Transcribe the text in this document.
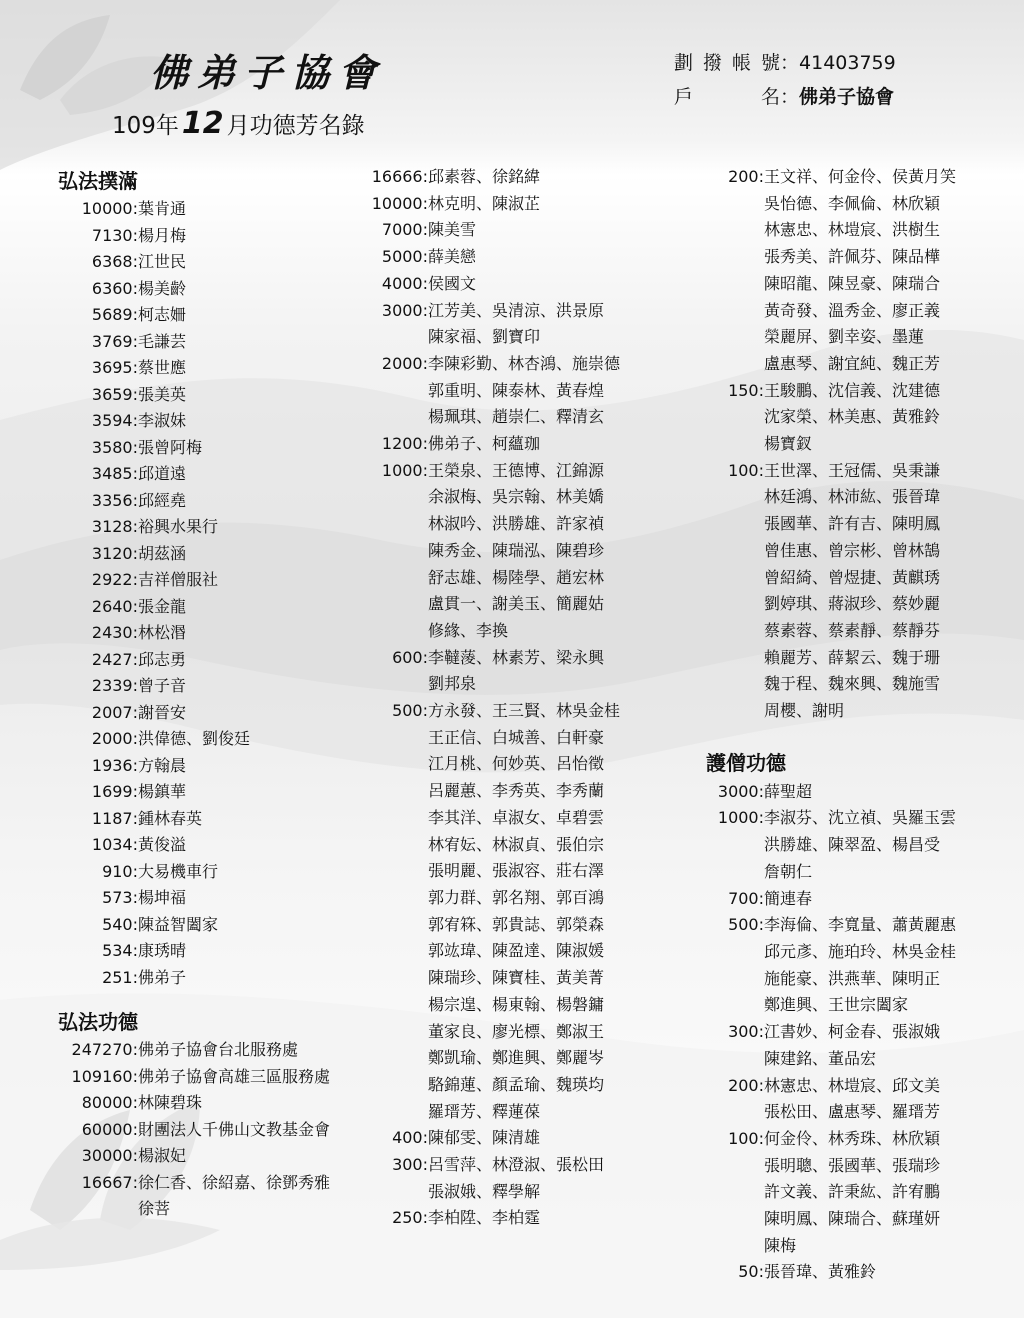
佛弟子協會
109年 12 月功德芳名錄
劃撥帳號：41403759
戶　名：佛弟子協會
弘法撲滿
10000: 葉肯通
7130: 楊月梅
6368: 江世民
6360: 楊美齡
5689: 柯志姍
3769: 毛謙芸
3695: 蔡世應
3659: 張美英
3594: 李淑妹
3580: 張曾阿梅
3485: 邱道遠
3356: 邱經堯
3128: 裕興水果行
3120: 胡茲涵
2922: 吉祥僧服社
2640: 張金龍
2430: 林松湣
2427: 邱志勇
2339: 曾子音
2007: 謝晉安
2000: 洪偉德、劉俊廷
1936: 方翰晨
1699: 楊鎮華
1187: 鍾林春英
1034: 黃俊溢
910: 大易機車行
573: 楊坤福
540: 陳益智闔家
534: 康琇晴
251: 佛弟子
弘法功德
247270: 佛弟子協會台北服務處
109160: 佛弟子協會高雄三區服務處
80000: 林陳碧珠
60000: 財團法人千佛山文教基金會
30000: 楊淑妃
16667: 徐仁香、徐紹嘉、徐鄧秀雅
徐菩
16666: 邱素蓉、徐銘緯
10000: 林克明、陳淑芷
7000: 陳美雪
5000: 薛美戀
4000: 侯國文
3000: 江芳美、吳清涼、洪景原
陳家福、劉寶印
2000: 李陳彩勤、林杏鴻、施崇德
郭重明、陳泰林、黃春煌
楊珮琪、趙崇仁、釋清玄
1200: 佛弟子、柯蘊珈
1000: 王榮泉、王德博、江錦源
余淑梅、吳宗翰、林美嬌
林淑吟、洪勝雄、許家禎
陳秀金、陳瑞泓、陳碧珍
舒志雄、楊陸學、趙宏林
盧貫一、謝美玉、簡麗姑
修緣、李換
600: 李韃蔆、林素芳、梁永興
劉邦泉
500: 方永發、王三賢、林吳金桂
王正信、白城善、白軒豪
江月桃、何妙英、呂怡徵
呂麗蕙、李秀英、李秀蘭
李其洋、卓淑女、卓碧雲
林宥妘、林淑貞、張伯宗
張明麗、張淑容、莊右澤
郭力群、郭名翔、郭百鴻
郭宥箖、郭貴誌、郭榮森
郭竑瑋、陳盈達、陳淑媛
陳瑞珍、陳寶桂、黃美菁
楊宗遑、楊東翰、楊磐鏞
董家良、廖光標、鄭淑王
鄭凱瑜、鄭進興、鄭麗岑
駱錦蓮、顏孟瑜、魏瑛均
羅瑨芳、釋蓮葆
400: 陳郁雯、陳清雄
300: 呂雪萍、林澄淑、張松田
張淑娥、釋學解
250: 李柏陞、李柏霆
200: 王文祥、何金伶、侯黃月笑
吳怡德、李佩倫、林欣穎
林憲忠、林塏宸、洪樹生
張秀美、許佩芬、陳品樺
陳昭龍、陳昱豪、陳瑞合
黃奇發、溫秀金、廖正義
榮麗屏、劉幸姿、墨蓮
盧惠琴、謝宜純、魏正芳
150: 王駿鵬、沈信義、沈建德
沈家榮、林美惠、黃雅鈴
楊寶釵
100: 王世澤、王冠儒、吳秉謙
林廷鴻、林沛紘、張晉瑋
張國華、許有吉、陳明鳳
曾佳惠、曾宗彬、曾林鵠
曾紹綺、曾煜捷、黃麒琇
劉婷琪、蔣淑珍、蔡妙麗
蔡素蓉、蔡素靜、蔡靜芬
賴麗芳、薛絜云、魏于珊
魏于程、魏來興、魏施雪
周櫻、謝明
護僧功德
3000: 薛聖超
1000: 李淑芬、沈立禎、吳羅玉雲
洪勝雄、陳翠盈、楊昌受
詹朝仁
700: 簡連春
500: 李海倫、李寬量、蕭黃麗惠
邱元彥、施珀玲、林吳金桂
施能豪、洪燕華、陳明正
鄭進興、王世宗闔家
300: 江書妙、柯金春、張淑娥
陳建銘、董品宏
200: 林憲忠、林塏宸、邱文美
張松田、盧惠琴、羅瑨芳
100: 何金伶、林秀珠、林欣穎
張明聰、張國華、張瑞珍
許文義、許秉紘、許宥鵬
陳明鳳、陳瑞合、蘇瑾妍
陳梅
50: 張晉瑋、黃雅鈴
